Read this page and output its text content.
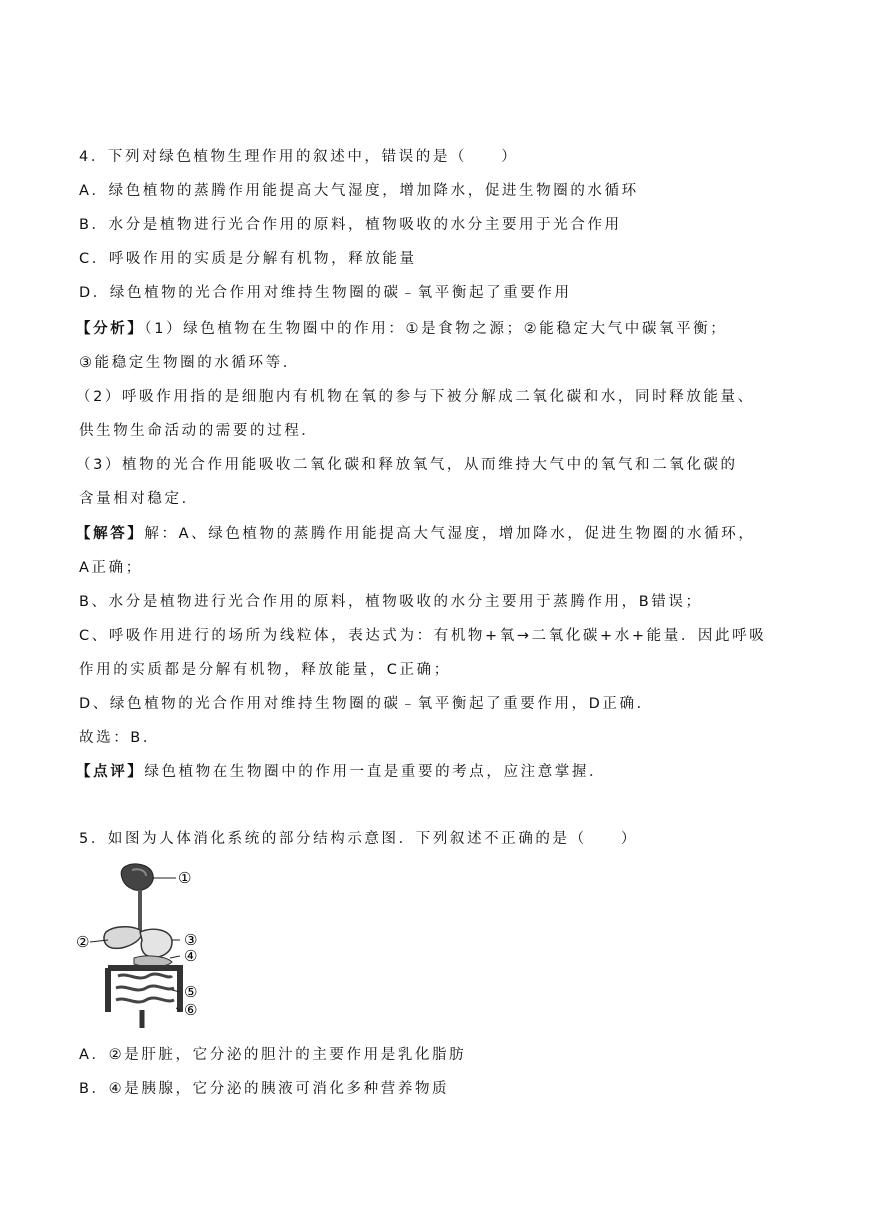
4．下列对绿色植物生理作用的叙述中，错误的是（　　）
A．绿色植物的蒸腾作用能提高大气湿度，增加降水，促进生物圈的水循环
B．水分是植物进行光合作用的原料，植物吸收的水分主要用于光合作用
C．呼吸作用的实质是分解有机物，释放能量
D．绿色植物的光合作用对维持生物圈的碳﹣氧平衡起了重要作用
【分析】（1）绿色植物在生物圈中的作用：①是食物之源；②能稳定大气中碳氧平衡；
③能稳定生物圈的水循环等．
（2）呼吸作用指的是细胞内有机物在氧的参与下被分解成二氧化碳和水，同时释放能量、
供生物生命活动的需要的过程．
（3）植物的光合作用能吸收二氧化碳和释放氧气，从而维持大气中的氧气和二氧化碳的
含量相对稳定．
【解答】解：A、绿色植物的蒸腾作用能提高大气湿度，增加降水，促进生物圈的水循环，
A正确；
B、水分是植物进行光合作用的原料，植物吸收的水分主要用于蒸腾作用，B错误；
C、呼吸作用进行的场所为线粒体，表达式为：有机物+氧→二氧化碳+水+能量．因此呼吸
作用的实质都是分解有机物，释放能量，C正确；
D、绿色植物的光合作用对维持生物圈的碳﹣氧平衡起了重要作用，D正确．
故选：B．
【点评】绿色植物在生物圈中的作用一直是重要的考点，应注意掌握．
5．如图为人体消化系统的部分结构示意图．下列叙述不正确的是（　　）
①
②	③
④
⑤
⑥
A．②是肝脏，它分泌的胆汁的主要作用是乳化脂肪
B．④是胰腺，它分泌的胰液可消化多种营养物质
